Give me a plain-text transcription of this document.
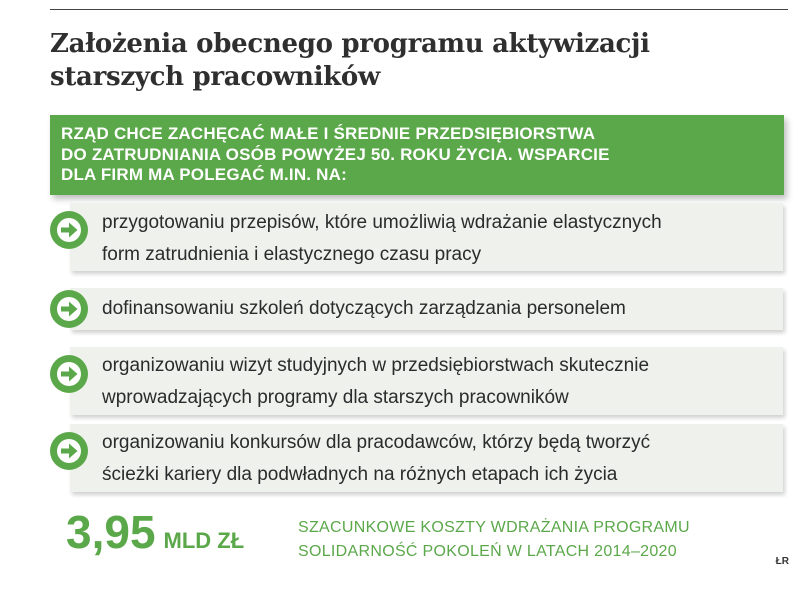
Założenia obecnego programu aktywizacji starszych pracowników

RZĄD CHCE ZACHĘCAĆ MAŁE I ŚREDNIE PRZEDSIĘBIORSTWA
DO ZATRUDNIANIA OSÓB POWYŻEJ 50. ROKU ŻYCIA. WSPARCIE
DLA FIRM MA POLEGAĆ M.IN. NA:

przygotowaniu przepisów, które umożliwią wdrażanie elastycznych
form zatrudnienia i elastycznego czasu pracy
dofinansowaniu szkoleń dotyczących zarządzania personelem
organizowaniu wizyt studyjnych w przedsiębiorstwach skutecznie
wprowadzających programy dla starszych pracowników
organizowaniu konkursów dla pracodawców, którzy będą tworzyć
ścieżki kariery dla podwładnych na różnych etapach ich życia
3,95 MLD ZŁ
SZACUNKOWE KOSZTY WDRAŻANIA PROGRAMU
SOLIDARNOŚĆ POKOLEŃ W LATACH 2014–2020
ŁR
